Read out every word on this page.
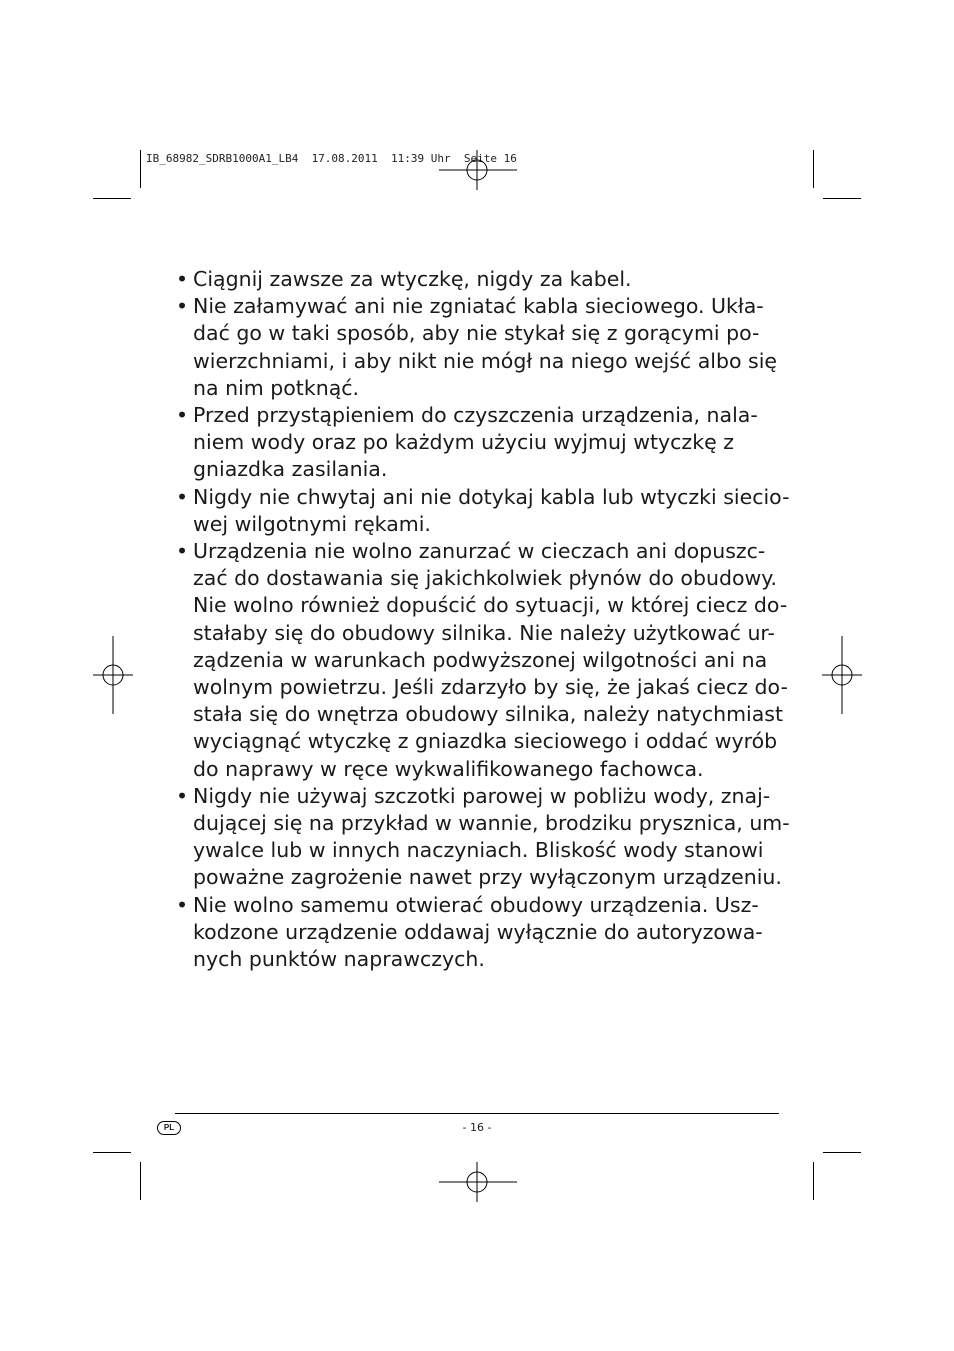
IB_68982_SDRB1000A1_LB4  17.08.2011  11:39 Uhr  Seite 16
• Ciągnij zawsze za wtyczkę, nigdy za kabel.
• Nie załamywać ani nie zgniatać kabla sieciowego. Ukła-
dać go w taki sposób, aby nie stykał się z gorącymi po-
wierzchniami, i aby nikt nie mógł na niego wejść albo się
na nim potknąć.
• Przed przystąpieniem do czyszczenia urządzenia, nala-
niem wody oraz po każdym użyciu wyjmuj wtyczkę z
gniazdka zasilania.
• Nigdy nie chwytaj ani nie dotykaj kabla lub wtyczki siecio-
wej wilgotnymi rękami.
• Urządzenia nie wolno zanurzać w cieczach ani dopuszc-
zać do dostawania się jakichkolwiek płynów do obudowy.
Nie wolno również dopuścić do sytuacji, w której ciecz do-
stałaby się do obudowy silnika. Nie należy użytkować ur-
ządzenia w warunkach podwyższonej wilgotności ani na
wolnym powietrzu. Jeśli zdarzyło by się, że jakaś ciecz do-
stała się do wnętrza obudowy silnika, należy natychmiast
wyciągnąć wtyczkę z gniazdka sieciowego i oddać wyrób
do naprawy w ręce wykwalifikowanego fachowca.
• Nigdy nie używaj szczotki parowej w pobliżu wody, znaj-
dującej się na przykład w wannie, brodziku prysznica, um-
ywalce lub w innych naczyniach. Bliskość wody stanowi
poważne zagrożenie nawet przy wyłączonym urządzeniu.
• Nie wolno samemu otwierać obudowy urządzenia. Usz-
kodzone urządzenie oddawaj wyłącznie do autoryzowa-
nych punktów naprawczych.
PL	- 16 -
